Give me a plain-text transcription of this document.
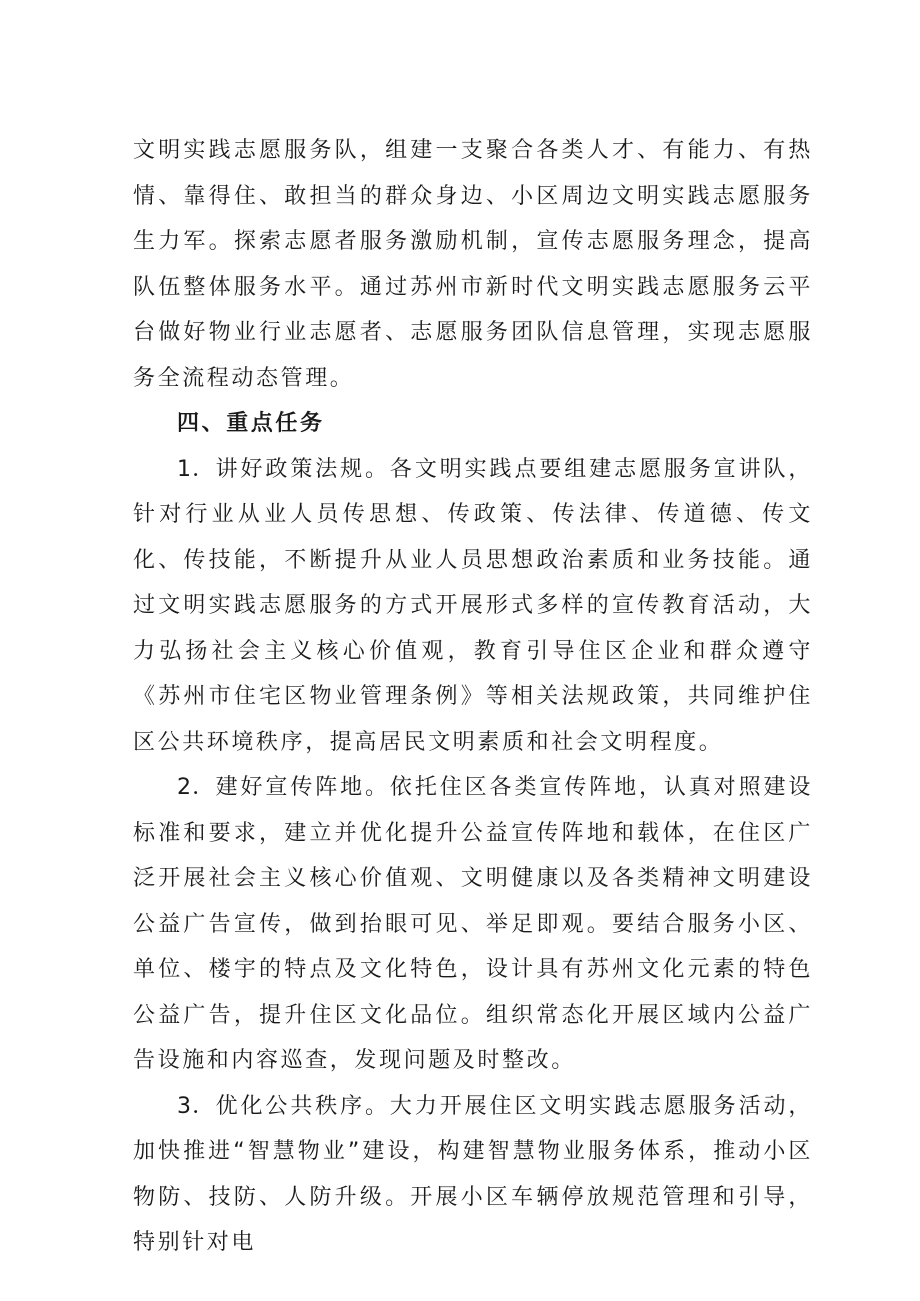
文明实践志愿服务队，组建一支聚合各类人才、有能力、有热情、靠得住、敢担当的群众身边、小区周边文明实践志愿服务生力军。探索志愿者服务激励机制，宣传志愿服务理念，提高队伍整体服务水平。通过苏州市新时代文明实践志愿服务云平台做好物业行业志愿者、志愿服务团队信息管理，实现志愿服务全流程动态管理。

四、重点任务

1．讲好政策法规。各文明实践点要组建志愿服务宣讲队，针对行业从业人员传思想、传政策、传法律、传道德、传文化、传技能，不断提升从业人员思想政治素质和业务技能。通过文明实践志愿服务的方式开展形式多样的宣传教育活动，大力弘扬社会主义核心价值观，教育引导住区企业和群众遵守《苏州市住宅区物业管理条例》等相关法规政策，共同维护住区公共环境秩序，提高居民文明素质和社会文明程度。

2．建好宣传阵地。依托住区各类宣传阵地，认真对照建设标准和要求，建立并优化提升公益宣传阵地和载体，在住区广泛开展社会主义核心价值观、文明健康以及各类精神文明建设公益广告宣传，做到抬眼可见、举足即观。要结合服务小区、单位、楼宇的特点及文化特色，设计具有苏州文化元素的特色公益广告，提升住区文化品位。组织常态化开展区域内公益广告设施和内容巡查，发现问题及时整改。

3．优化公共秩序。大力开展住区文明实践志愿服务活动，加快推进“智慧物业”建设，构建智慧物业服务体系，推动小区物防、技防、人防升级。开展小区车辆停放规范管理和引导，特别针对电
